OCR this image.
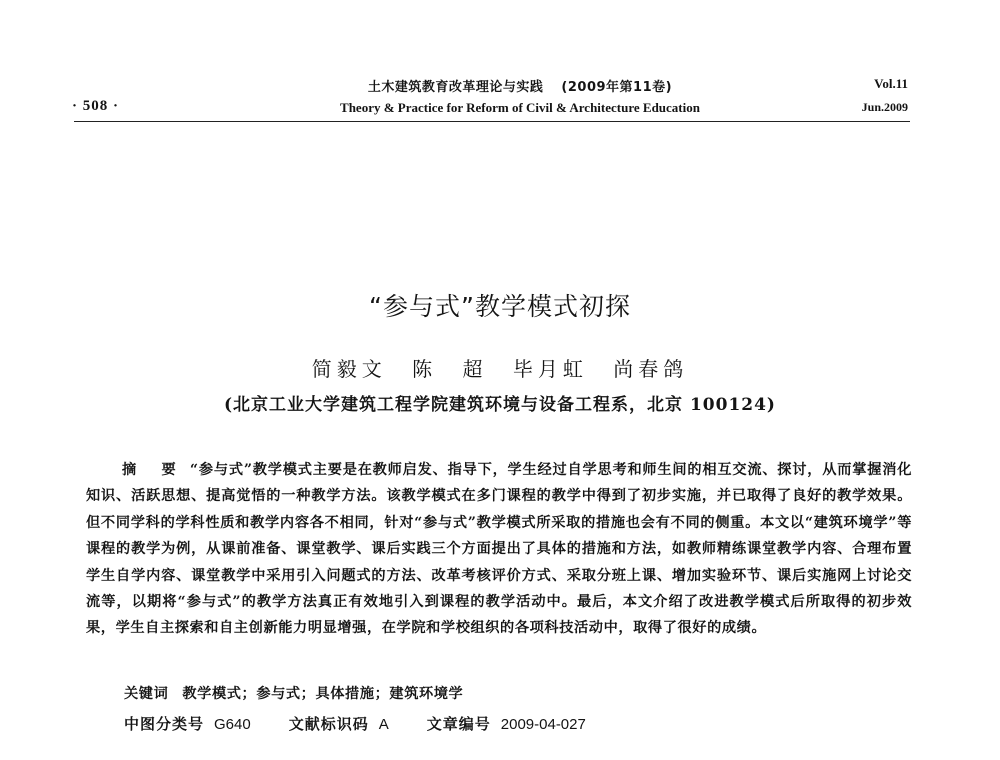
土木建筑教育改革理论与实践 (2009年第11卷)
Theory & Practice for Reform of Civil & Architecture Education
· 508 ·
Vol.11
Jun.2009
“参与式”教学模式初探
简毅文 陈 超 毕月虹 尚春鸽
(北京工业大学建筑工程学院建筑环境与设备工程系，北京 100124)
摘 要 “参与式”教学模式主要是在教师启发、指导下，学生经过自学思考和师生间的相互交流、探讨，从而掌握消化知识、活跃思想、提高觉悟的一种教学方法。该教学模式在多门课程的教学中得到了初步实施，并已取得了良好的教学效果。但不同学科的学科性质和教学内容各不相同，针对“参与式”教学模式所采取的措施也会有不同的侧重。本文以“建筑环境学”等课程的教学为例，从课前准备、课堂教学、课后实践三个方面提出了具体的措施和方法，如教师精练课堂教学内容、合理布置学生自学内容、课堂教学中采用引入问题式的方法、改革考核评价方式、采取分班上课、增加实验环节、课后实施网上讨论交流等，以期将“参与式”的教学方法真正有效地引入到课程的教学活动中。最后，本文介绍了改进教学模式后所取得的初步效果，学生自主探索和自主创新能力明显增强，在学院和学校组织的各项科技活动中，取得了很好的成绩。
关键词 教学模式；参与式；具体措施；建筑环境学
中图分类号 G640	文献标识码 A	文章编号 2009-04-027
